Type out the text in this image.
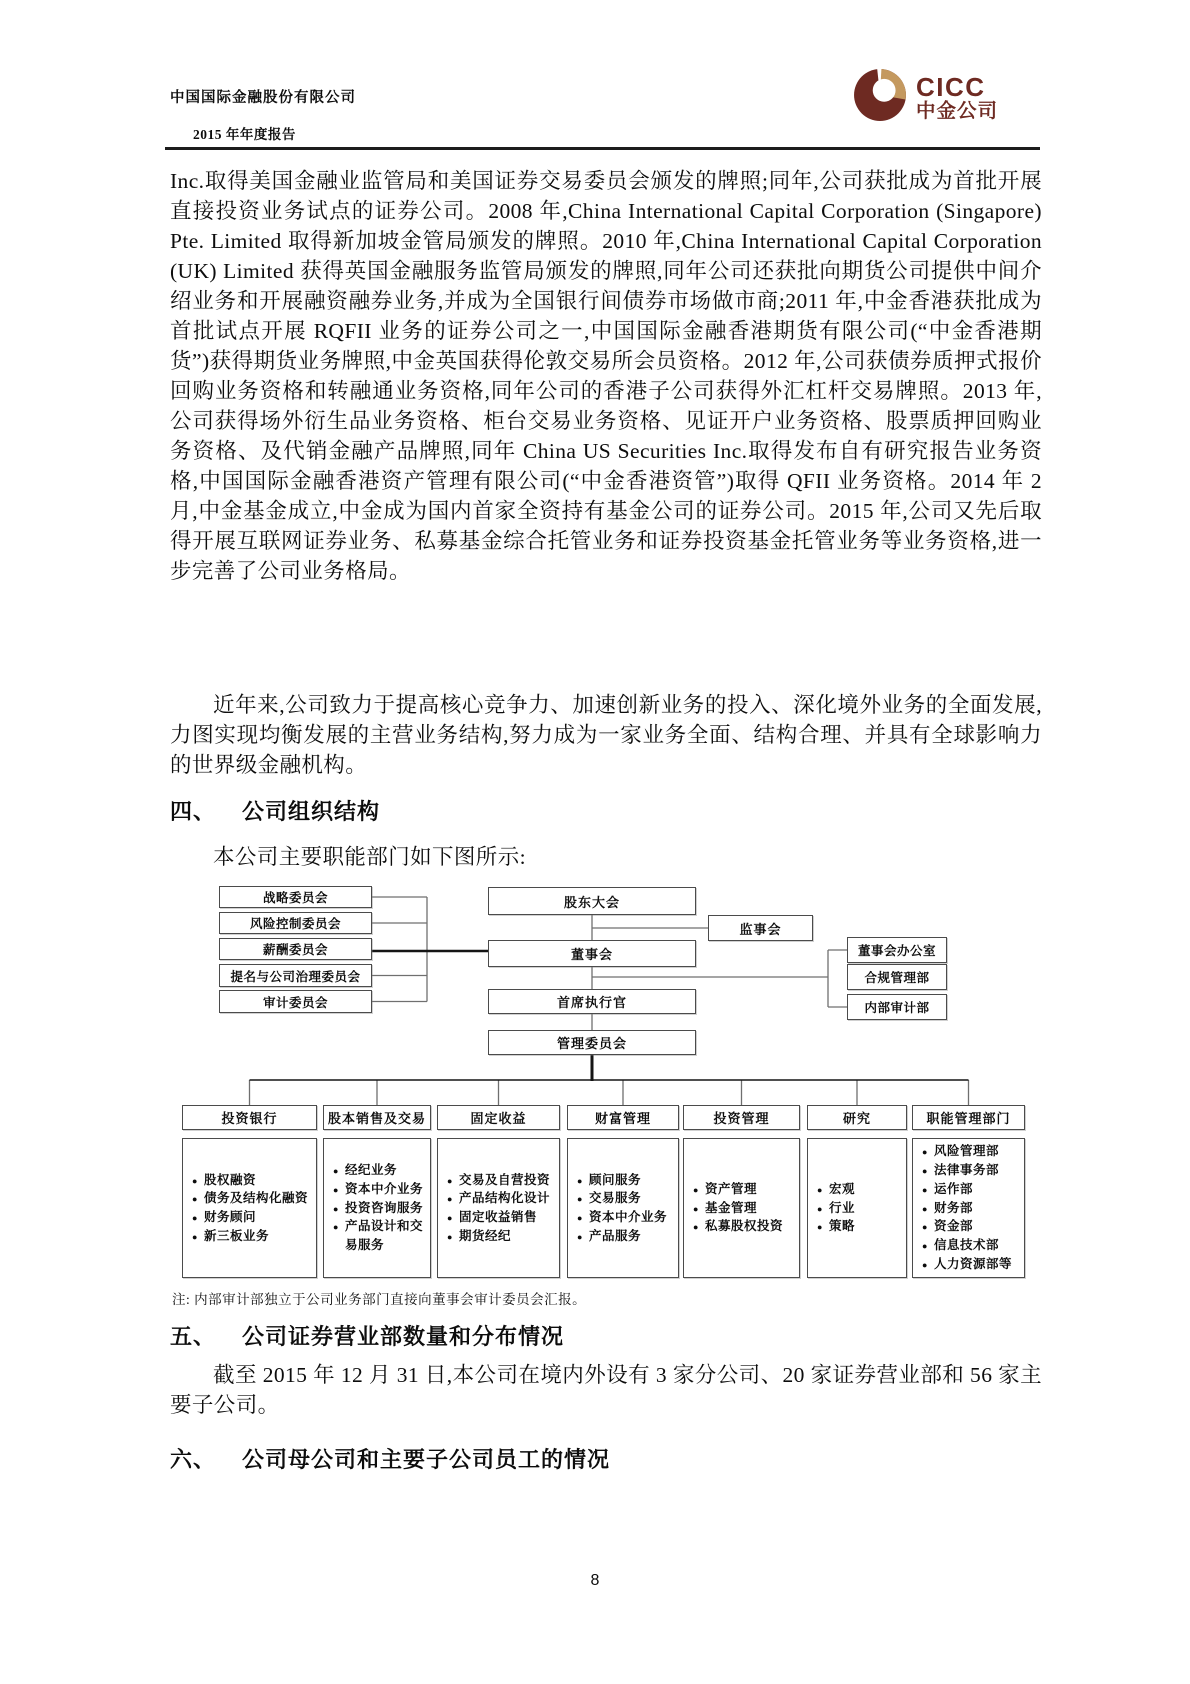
中国国际金融股份有限公司
2015 年年度报告
CICC
中金公司

Inc.取得美国金融业监管局和美国证券交易委员会颁发的牌照;同年,公司获批成为首批开展直接投资业务试点的证券公司。2008 年,China International Capital Corporation (Singapore) Pte. Limited 取得新加坡金管局颁发的牌照。2010 年,China International Capital Corporation (UK) Limited 获得英国金融服务监管局颁发的牌照,同年公司还获批向期货公司提供中间介绍业务和开展融资融券业务,并成为全国银行间债券市场做市商;2011 年,中金香港获批成为首批试点开展 RQFII 业务的证券公司之一,中国国际金融香港期货有限公司(“中金香港期货”)获得期货业务牌照,中金英国获得伦敦交易所会员资格。2012 年,公司获债券质押式报价回购业务资格和转融通业务资格,同年公司的香港子公司获得外汇杠杆交易牌照。2013 年,公司获得场外衍生品业务资格、柜台交易业务资格、见证开户业务资格、股票质押回购业务资格、及代销金融产品牌照,同年 China US Securities Inc.取得发布自有研究报告业务资格,中国国际金融香港资产管理有限公司(“中金香港资管”)取得 QFII 业务资格。2014 年 2 月,中金基金成立,中金成为国内首家全资持有基金公司的证券公司。2015 年,公司又先后取得开展互联网证券业务、私募基金综合托管业务和证券投资基金托管业务等业务资格,进一步完善了公司业务格局。

近年来,公司致力于提高核心竞争力、加速创新业务的投入、深化境外业务的全面发展,力图实现均衡发展的主营业务结构,努力成为一家业务全面、结构合理、并具有全球影响力的世界级金融机构。

四、 公司组织结构

本公司主要职能部门如下图所示:

战略委员会
风险控制委员会
薪酬委员会
提名与公司治理委员会
审计委员会
股东大会
董事会
首席执行官
管理委员会
监事会
董事会办公室
合规管理部
内部审计部
投资银行	股本销售及交易	固定收益	财富管理	投资管理	研究	职能管理部门
● 股权融资
● 债务及结构化融资
● 财务顾问
● 新三板业务
● 经纪业务
● 资本中介业务
● 投资咨询服务
● 产品设计和交易服务
● 交易及自营投资
● 产品结构化设计
● 固定收益销售
● 期货经纪
● 顾问服务
● 交易服务
● 资本中介业务
● 产品服务
● 资产管理
● 基金管理
● 私募股权投资
● 宏观
● 行业
● 策略
● 风险管理部
● 法律事务部
● 运作部
● 财务部
● 资金部
● 信息技术部
● 人力资源部等

注: 内部审计部独立于公司业务部门直接向董事会审计委员会汇报。

五、 公司证券营业部数量和分布情况

截至 2015 年 12 月 31 日,本公司在境内外设有 3 家分公司、20 家证券营业部和 56 家主要子公司。

六、 公司母公司和主要子公司员工的情况
8
